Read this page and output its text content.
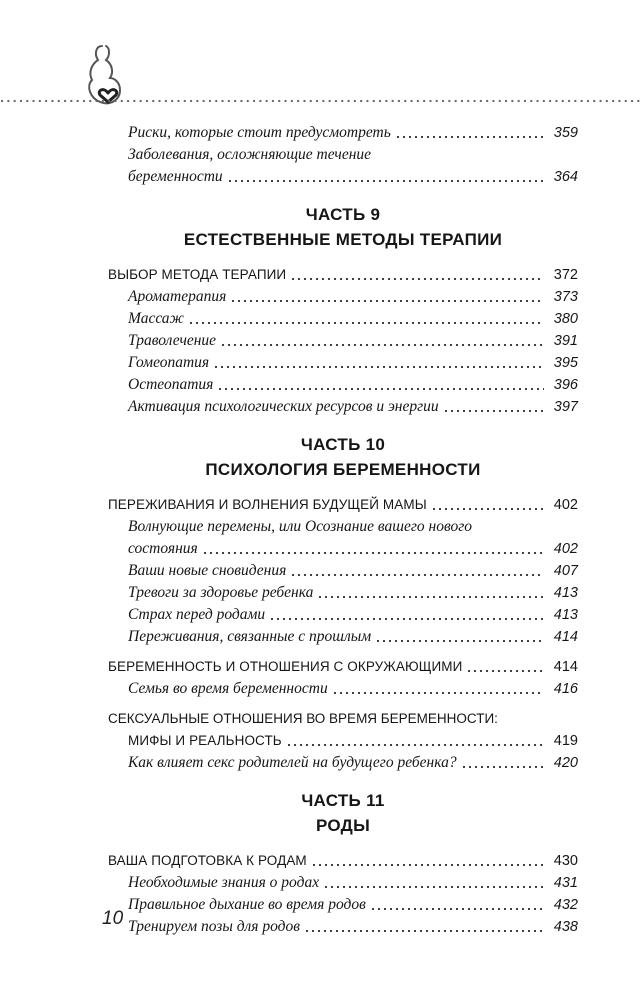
Риски, которые стоит предусмотреть	359
Заболевания, осложняющие течение
беременности	364
ЧАСТЬ 9
ЕСТЕСТВЕННЫЕ МЕТОДЫ ТЕРАПИИ
ВЫБОР МЕТОДА ТЕРАПИИ	372
Ароматерапия	373
Массаж	380
Траволечение	391
Гомеопатия	395
Остеопатия	396
Активация психологических ресурсов и энергии	397
ЧАСТЬ 10
ПСИХОЛОГИЯ БЕРЕМЕННОСТИ
ПЕРЕЖИВАНИЯ И ВОЛНЕНИЯ БУДУЩЕЙ МАМЫ	402
Волнующие перемены, или Осознание вашего нового
состояния	402
Ваши новые сновидения	407
Тревоги за здоровье ребенка	413
Страх перед родами	413
Переживания, связанные с прошлым	414
БЕРЕМЕННОСТЬ И ОТНОШЕНИЯ С ОКРУЖАЮЩИМИ	414
Семья во время беременности	416
СЕКСУАЛЬНЫЕ ОТНОШЕНИЯ ВО ВРЕМЯ БЕРЕМЕННОСТИ:
МИФЫ И РЕАЛЬНОСТЬ	419
Как влияет секс родителей на будущего ребенка?	420
ЧАСТЬ 11
РОДЫ
ВАША ПОДГОТОВКА К РОДАМ	430
Необходимые знания о родах	431
Правильное дыхание во время родов	432
Тренируем позы для родов	438
10
